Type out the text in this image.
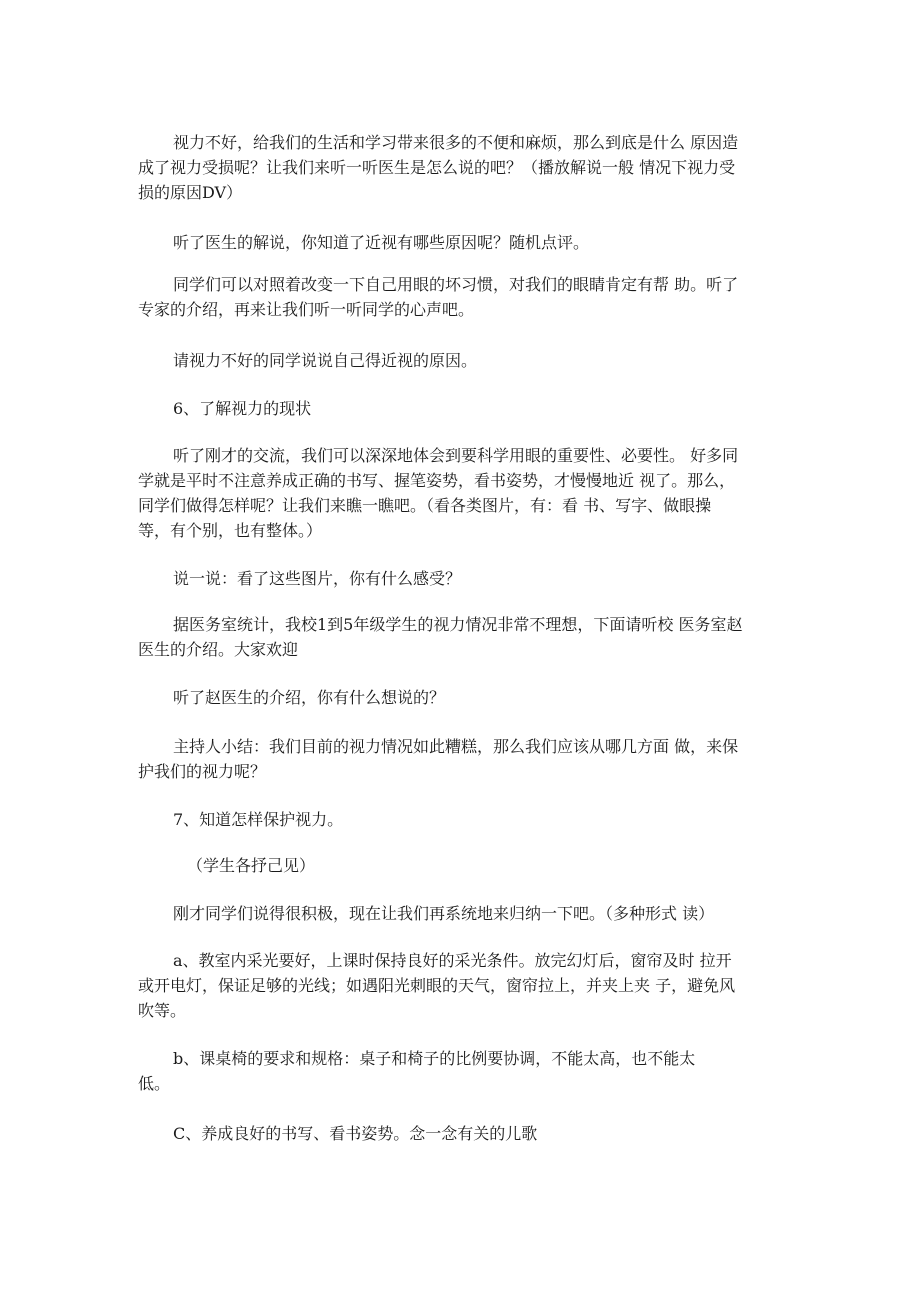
视力不好，给我们的生活和学习带来很多的不便和麻烦，那么到底是什么 原因造
成了视力受损呢？让我们来听一听医生是怎么说的吧？（播放解说一般 情况下视力受
损的原因DV）

听了医生的解说，你知道了近视有哪些原因呢？随机点评。

同学们可以对照着改变一下自己用眼的坏习惯，对我们的眼睛肯定有帮 助。听了
专家的介绍，再来让我们听一听同学的心声吧。

请视力不好的同学说说自己得近视的原因。

6、了解视力的现状

听了刚才的交流，我们可以深深地体会到要科学用眼的重要性、必要性。 好多同
学就是平时不注意养成正确的书写、握笔姿势，看书姿势，才慢慢地近 视了。那么，
同学们做得怎样呢？让我们来瞧一瞧吧。（看各类图片，有：看 书、写字、做眼操
等，有个别，也有整体。）

说一说：看了这些图片，你有什么感受？

据医务室统计，我校1到5年级学生的视力情况非常不理想，下面请听校 医务室赵
医生的介绍。大家欢迎

听了赵医生的介绍，你有什么想说的？

主持人小结：我们目前的视力情况如此糟糕，那么我们应该从哪几方面 做，来保
护我们的视力呢？

7、知道怎样保护视力。

（学生各抒己见）

刚才同学们说得很积极，现在让我们再系统地来归纳一下吧。（多种形式 读）

a、教室内采光要好，上课时保持良好的采光条件。放完幻灯后，窗帘及时 拉开
或开电灯，保证足够的光线；如遇阳光刺眼的天气，窗帘拉上，并夹上夹 子，避免风
吹等。

b、课桌椅的要求和规格：桌子和椅子的比例要协调，不能太高，也不能太
低。

C、养成良好的书写、看书姿势。念一念有关的儿歌
